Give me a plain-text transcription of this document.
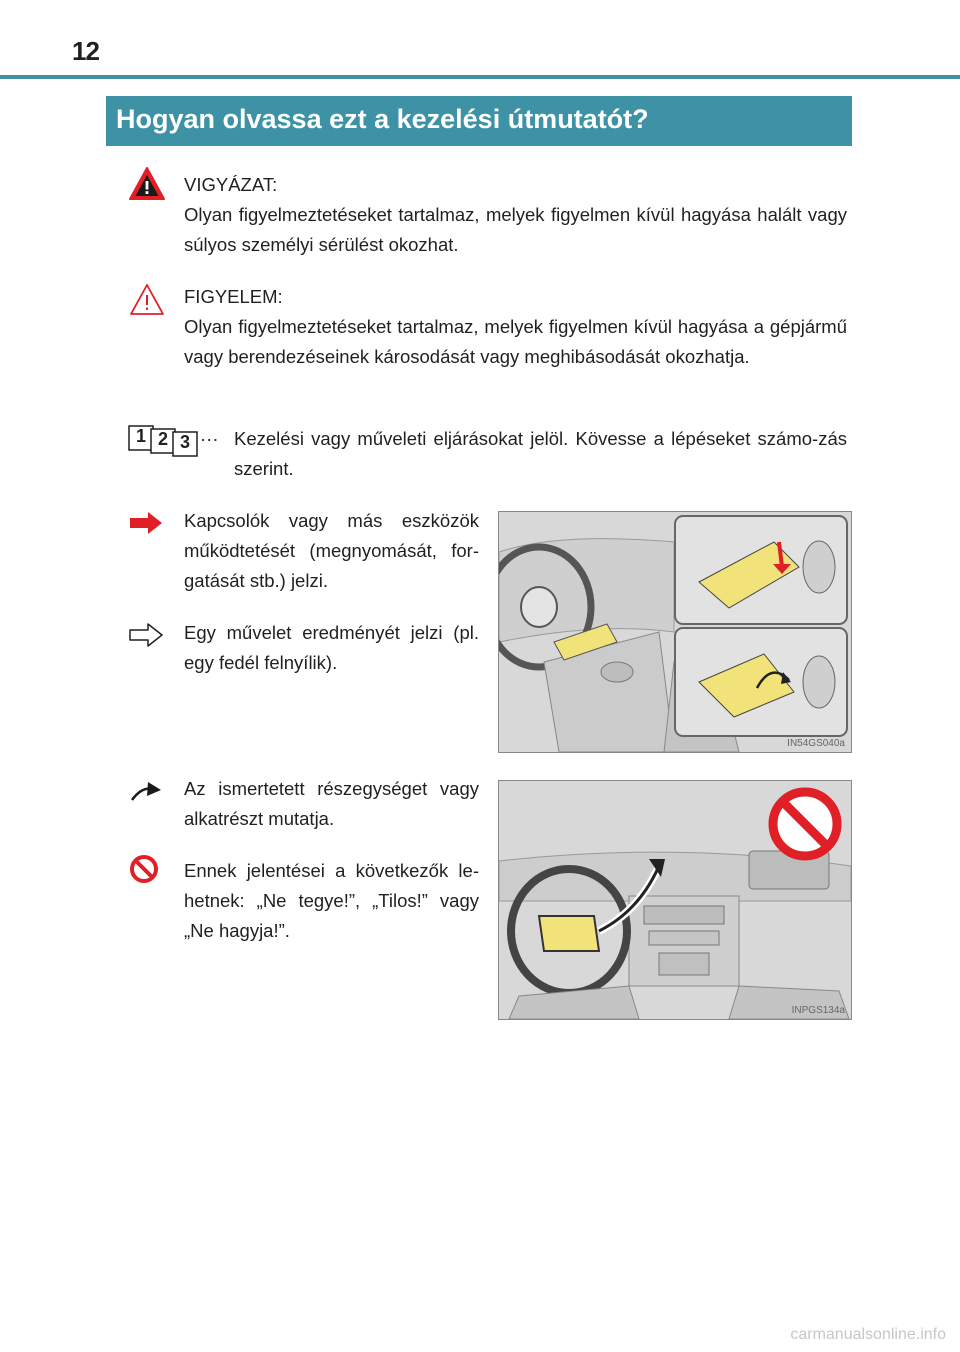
12
Hogyan olvassa ezt a kezelési útmutatót?
VIGYÁZAT:
Olyan figyelmeztetéseket tartalmaz, melyek figyelmen kívül hagyása halált vagy súlyos személyi sérülést okozhat.
FIGYELEM:
Olyan figyelmeztetéseket tartalmaz, melyek figyelmen kívül hagyása a gépjármű vagy berendezéseinek károsodását vagy meghibásodását okozhatja.
1 2 3 ··· Kezelési vagy műveleti eljárásokat jelöl. Kövesse a lépéseket számo-zás szerint.
Kapcsolók vagy más eszközök működtetését (megnyomását, for-gatását stb.) jelzi.
Egy művelet eredményét jelzi (pl. egy fedél felnyílik).
IN54GS040a
Az ismertetett részegységet vagy alkatrészt mutatja.
Ennek jelentései a következők le-hetnek: „Ne tegye!”, „Tilos!” vagy „Ne hagyja!”.
INPGS134a
carmanualsonline.info
